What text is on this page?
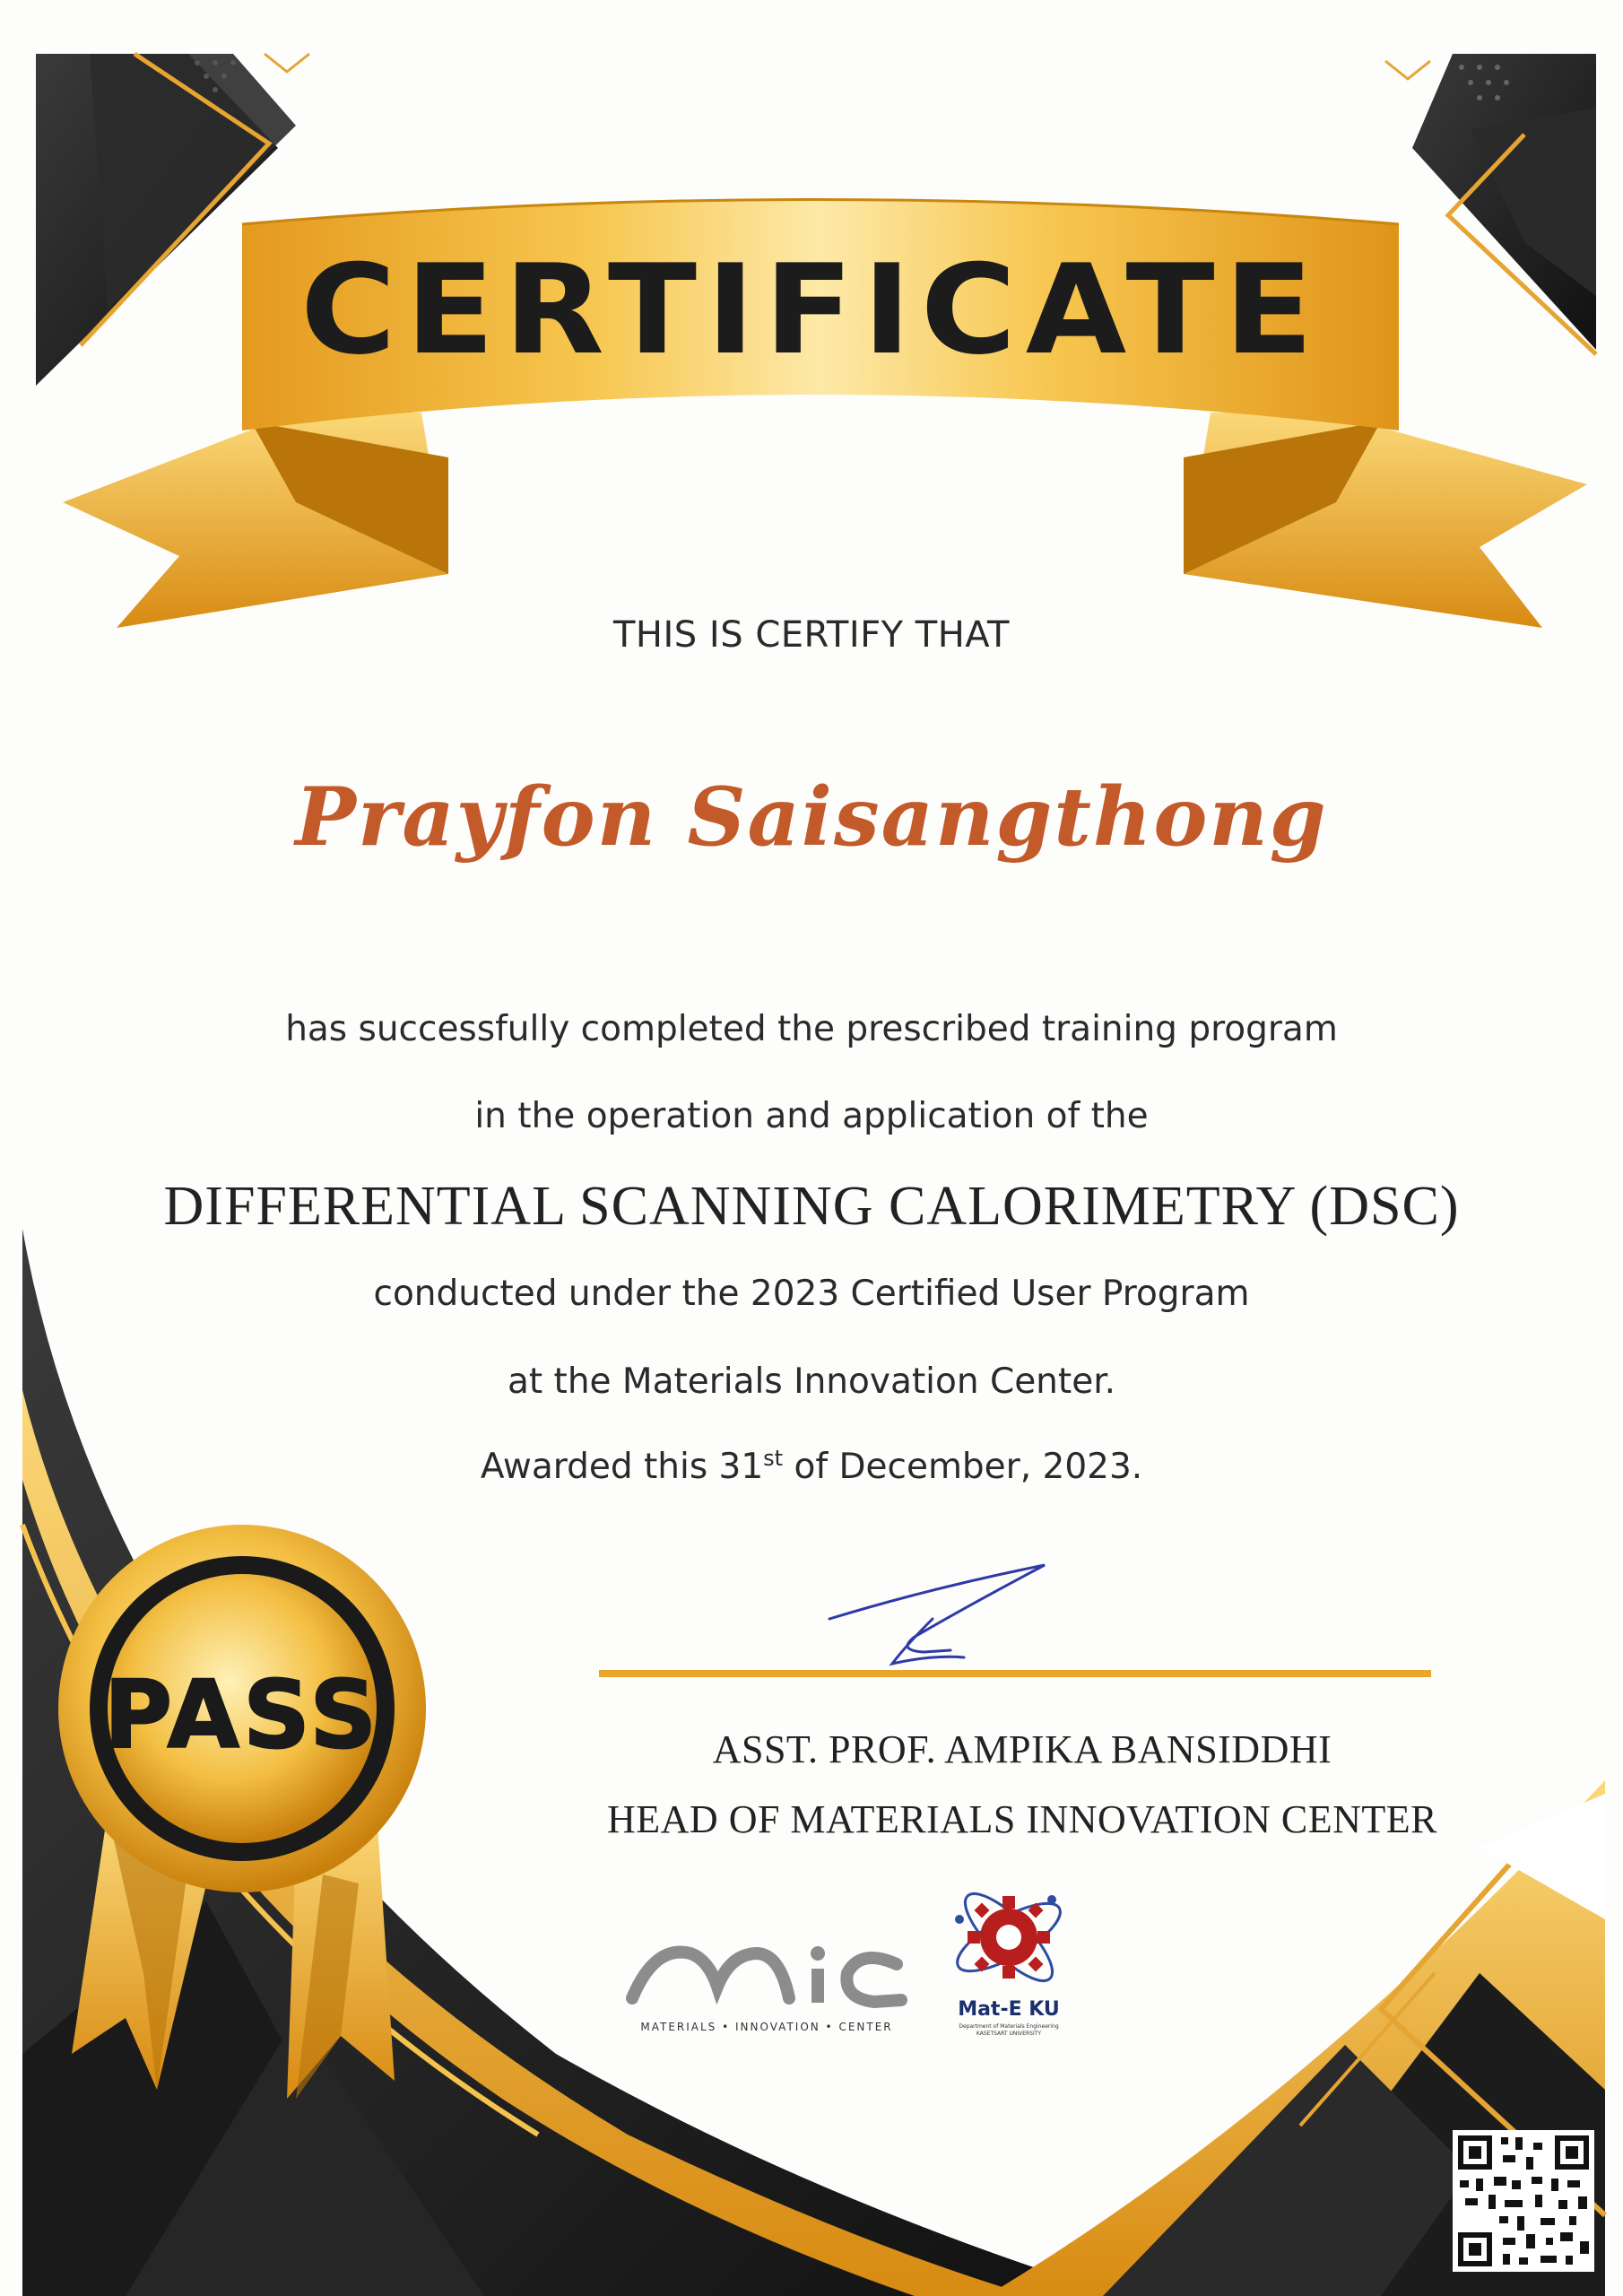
CERTIFICATE
PASS
THIS IS CERTIFY THAT
Prayfon Saisangthong
has successfully completed the prescribed training program
in the operation and application of the
DIFFERENTIAL SCANNING CALORIMETRY (DSC)
conducted under the 2023 Certified User Program
at the Materials Innovation Center.
Awarded this 31st of December, 2023.
ASST. PROF. AMPIKA BANSIDDHI
HEAD OF MATERIALS INNOVATION CENTER
MATERIALS • INNOVATION • CENTER
Mat-E KU
Department of Materials Engineering
KASETSART UNIVERSITY
